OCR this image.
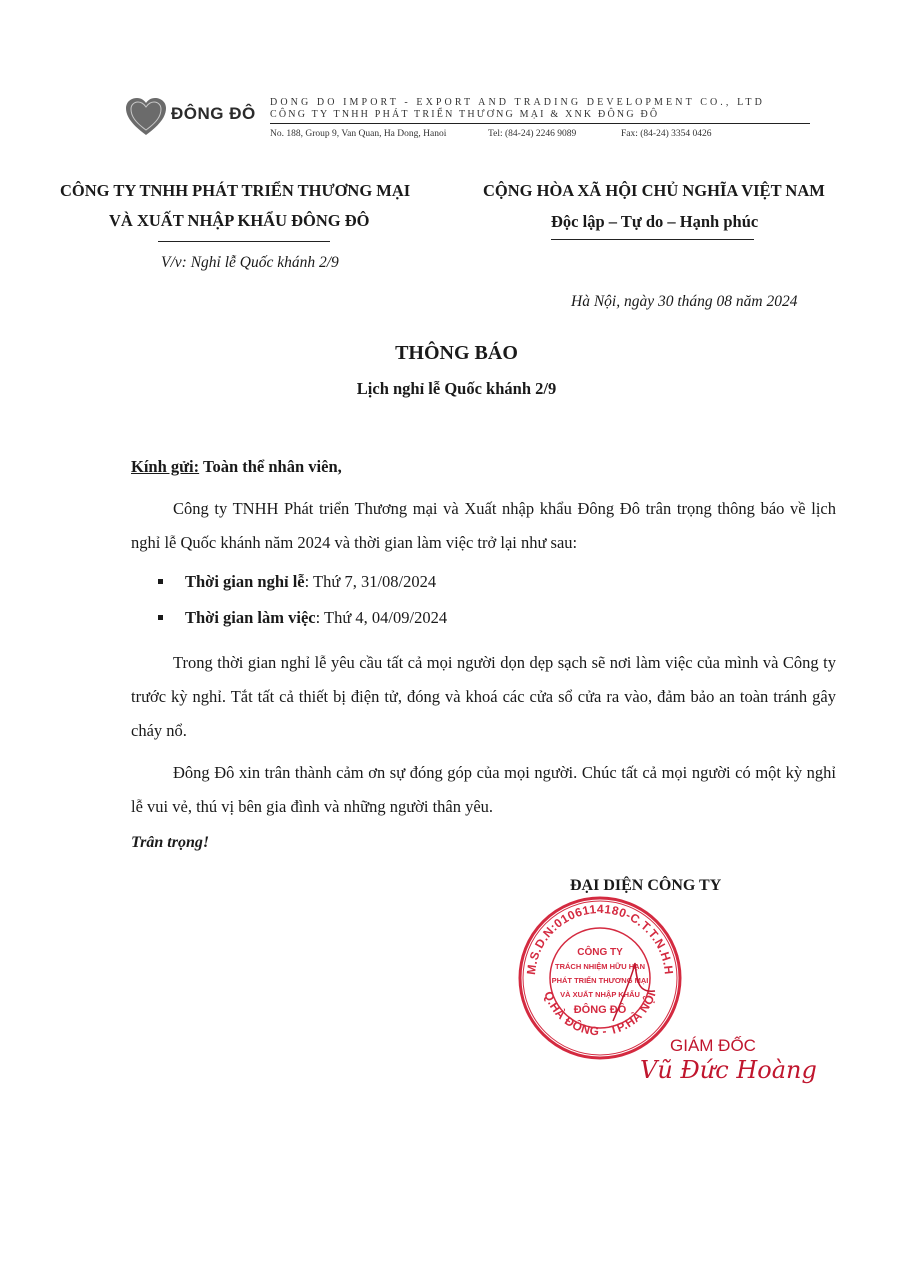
ĐÔNG ĐÔ
DONG DO IMPORT - EXPORT AND TRADING DEVELOPMENT CO., LTD
CÔNG TY TNHH PHÁT TRIỂN THƯƠNG MẠI & XNK ĐÔNG ĐÔ
No. 188, Group 9, Van Quan, Ha Dong, Hanoi	Tel: (84-24) 2246 9089	Fax: (84-24) 3354 0426
CÔNG TY TNHH PHÁT TRIỂN THƯƠNG MẠI
VÀ XUẤT NHẬP KHẨU ĐÔNG ĐÔ
CỘNG HÒA XÃ HỘI CHỦ NGHĨA VIỆT NAM
Độc lập – Tự do – Hạnh phúc
V/v: Nghỉ lễ Quốc khánh 2/9
Hà Nội, ngày 30 tháng 08 năm 2024
THÔNG BÁO
Lịch nghỉ lễ Quốc khánh 2/9
Kính gửi: Toàn thể nhân viên,
Công ty TNHH Phát triển Thương mại và Xuất nhập khẩu Đông Đô trân trọng thông báo về lịch nghỉ lễ Quốc khánh năm 2024 và thời gian làm việc trở lại như sau:
Thời gian nghỉ lễ: Thứ 7, 31/08/2024
Thời gian làm việc: Thứ 4, 04/09/2024
Trong thời gian nghỉ lễ yêu cầu tất cả mọi người dọn dẹp sạch sẽ nơi làm việc của mình và Công ty trước kỳ nghỉ. Tắt tất cả thiết bị điện tử, đóng và khoá các cửa sổ cửa ra vào, đảm bảo an toàn tránh gây cháy nổ.
Đông Đô xin trân thành cảm ơn sự đóng góp của mọi người. Chúc tất cả mọi người có một kỳ nghỉ lễ vui vẻ, thú vị bên gia đình và những người thân yêu.
Trân trọng!
ĐẠI DIỆN CÔNG TY
M.S.D.N:0106114180-C.T.T.N.H.H
Q.HÀ ĐÔNG - TP.HÀ NỘI
CÔNG TY
TRÁCH NHIỆM HỮU HẠN
PHÁT TRIỂN THƯƠNG MẠI
VÀ XUẤT NHẬP KHẨU
ĐÔNG ĐÔ
GIÁM ĐỐC
Vũ Đức Hoàng
